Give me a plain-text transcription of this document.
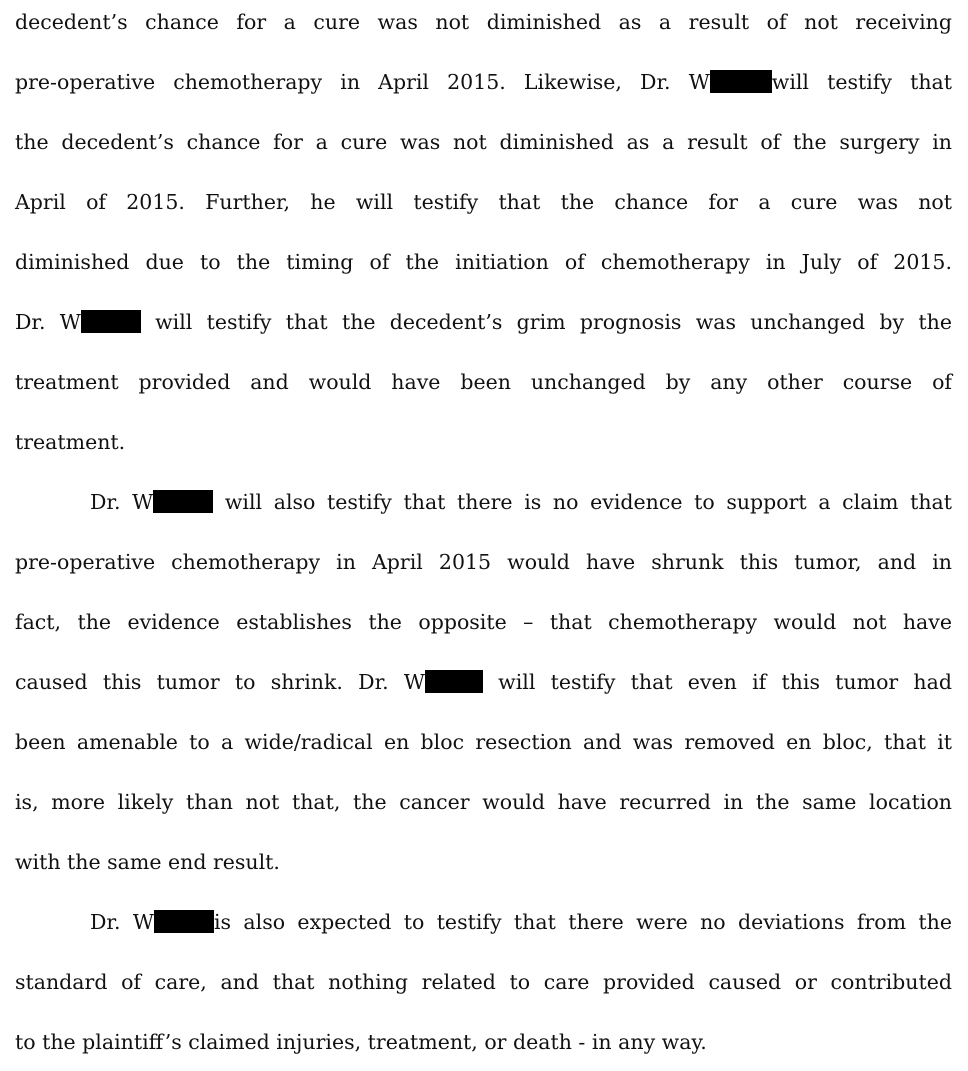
decedent’s chance for a cure was not diminished as a result of not receiving
pre-operative chemotherapy in April 2015. Likewise, Dr. W	will testify that
the decedent’s chance for a cure was not diminished as a result of the surgery in
April of 2015. Further, he will testify that the chance for a cure was not
diminished due to the timing of the initiation of chemotherapy in July of 2015.
Dr. W	will testify that the decedent’s grim prognosis was unchanged by the
treatment provided and would have been unchanged by any other course of
treatment.
Dr. W	will also testify that there is no evidence to support a claim that
pre-operative chemotherapy in April 2015 would have shrunk this tumor, and in
fact, the evidence establishes the opposite – that chemotherapy would not have
caused this tumor to shrink. Dr. W	will testify that even if this tumor had
been amenable to a wide/radical en bloc resection and was removed en bloc, that it
is, more likely than not that, the cancer would have recurred in the same location
with the same end result.
Dr. W	is also expected to testify that there were no deviations from the
standard of care, and that nothing related to care provided caused or contributed
to the plaintiff’s claimed injuries, treatment, or death - in any way.
